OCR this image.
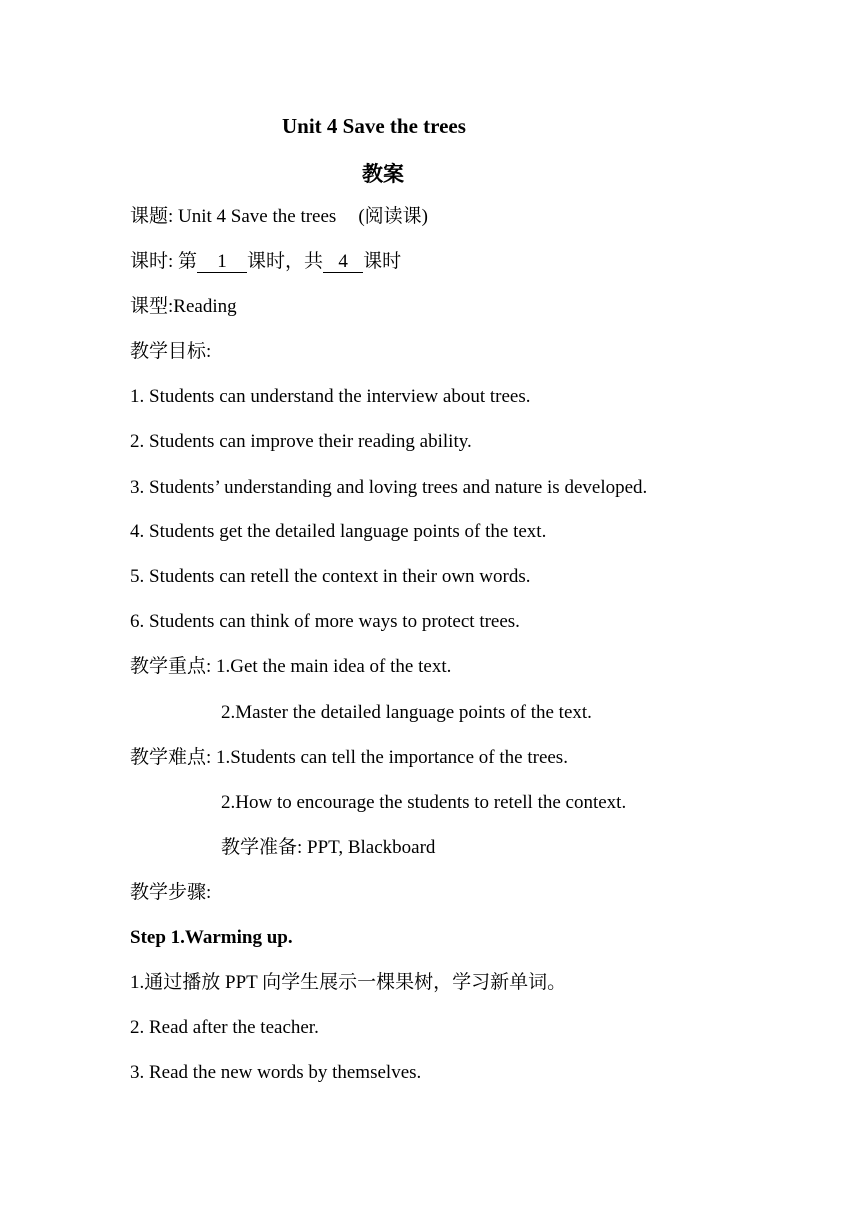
Unit 4 Save the trees
教案
课题: Unit 4 Save the trees (阅读课)
课时: 第 1 课时，共 4 课时
课型:Reading
教学目标:
1. Students can understand the interview about trees.
2. Students can improve their reading ability.
3. Students’ understanding and loving trees and nature is developed.
4. Students get the detailed language points of the text.
5. Students can retell the context in their own words.
6. Students can think of more ways to protect trees.
教学重点: 1.Get the main idea of the text.
2.Master the detailed language points of the text.
教学难点: 1.Students can tell the importance of the trees.
2.How to encourage the students to retell the context.
教学准备: PPT, Blackboard
教学步骤:
Step 1.Warming up.
1.通过播放 PPT 向学生展示一棵果树，学习新单词。
2. Read after the teacher.
3. Read the new words by themselves.
